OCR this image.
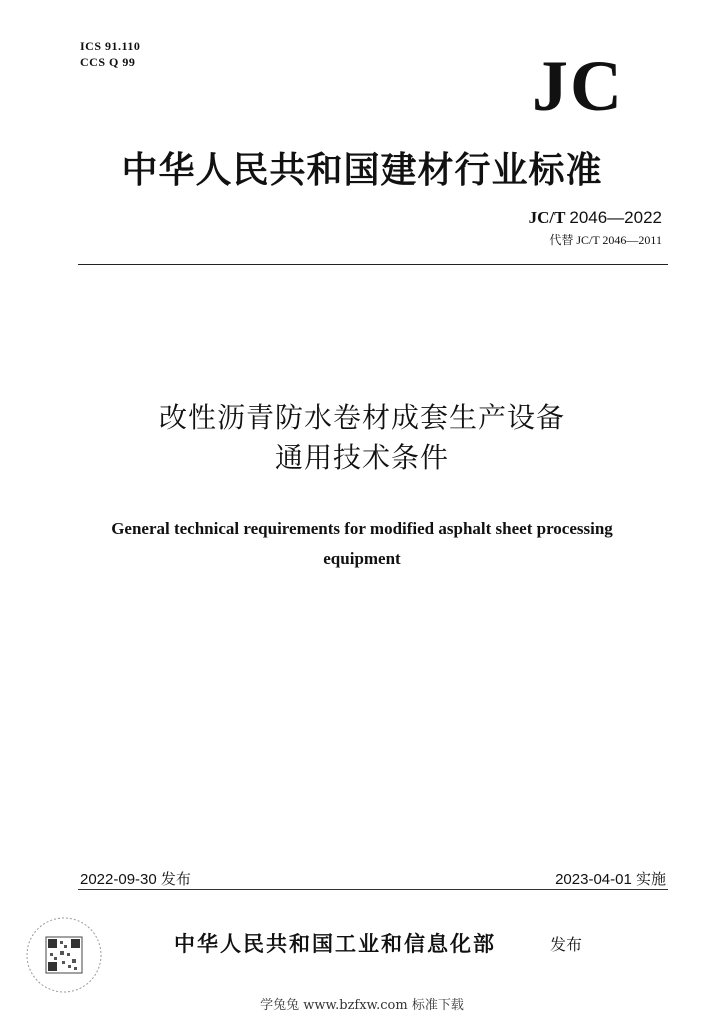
ICS 91.110
CCS Q 99	JC
中华人民共和国建材行业标准
JC/T 2046—2022
代替 JC/T 2046—2011
改性沥青防水卷材成套生产设备
通用技术条件
General technical requirements for modified asphalt sheet processing
equipment
2022-09-30 发布	2023-04-01 实施
中华人民共和国工业和信息化部	发布
学兔兔 www.bzfxw.com 标准下载
